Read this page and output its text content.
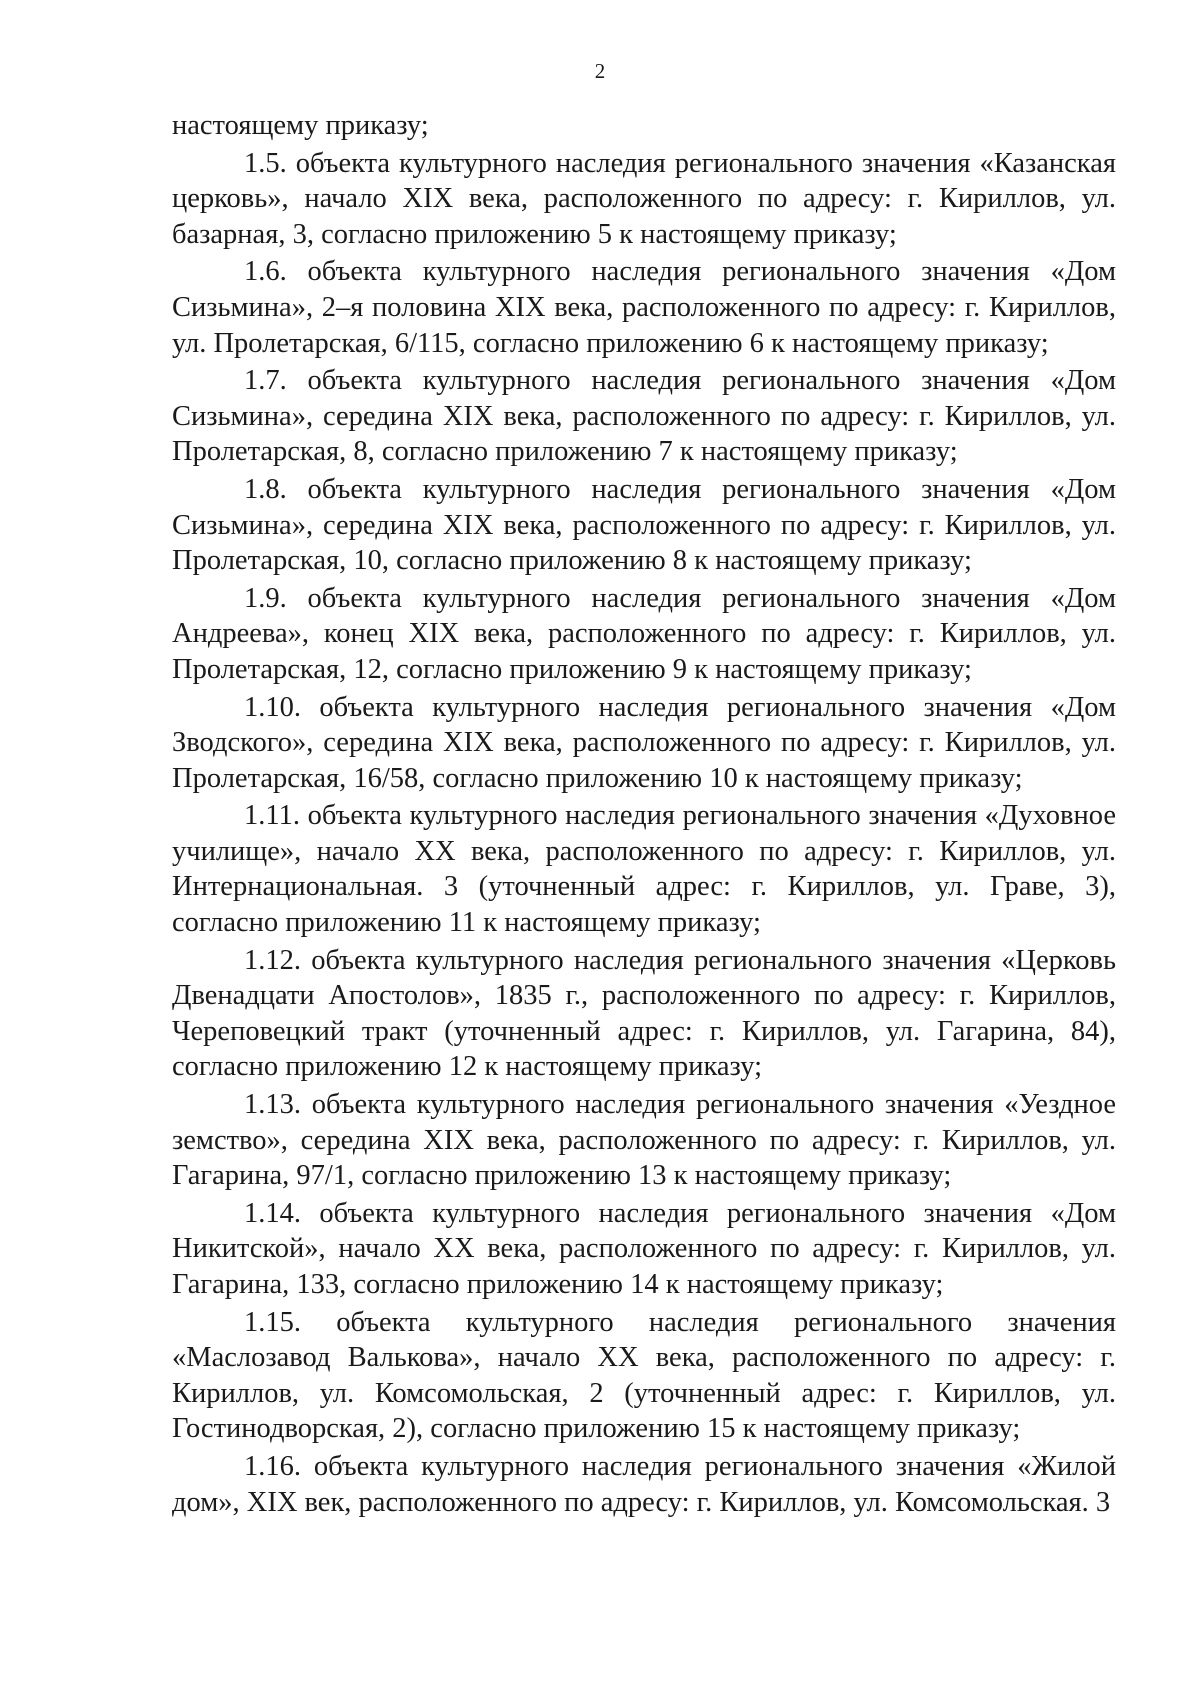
2

настоящему приказу;

1.5. объекта культурного наследия регионального значения «Казанская церковь», начало XIX века, расположенного по адресу: г. Кириллов, ул. базарная, 3, согласно приложению 5 к настоящему приказу;

1.6. объекта культурного наследия регионального значения «Дом Сизьмина», 2–я половина XIX века, расположенного по адресу: г. Кириллов, ул. Пролетарская, 6/115, согласно приложению 6 к настоящему приказу;

1.7. объекта культурного наследия регионального значения «Дом Сизьмина», середина XIX века, расположенного по адресу: г. Кириллов, ул. Пролетарская, 8, согласно приложению 7 к настоящему приказу;

1.8. объекта культурного наследия регионального значения «Дом Сизьмина», середина XIX века, расположенного по адресу: г. Кириллов, ул. Пролетарская, 10, согласно приложению 8 к настоящему приказу;

1.9. объекта культурного наследия регионального значения «Дом Андреева», конец XIX века, расположенного по адресу: г. Кириллов, ул. Пролетарская, 12, согласно приложению 9 к настоящему приказу;

1.10. объекта культурного наследия регионального значения «Дом Зводского», середина XIX века, расположенного по адресу: г. Кириллов, ул. Пролетарская, 16/58, согласно приложению 10 к настоящему приказу;

1.11. объекта культурного наследия регионального значения «Духовное училище», начало XX века, расположенного по адресу: г. Кириллов, ул. Интернациональная. 3 (уточненный адрес: г. Кириллов, ул. Граве, 3), согласно приложению 11 к настоящему приказу;

1.12. объекта культурного наследия регионального значения «Церковь Двенадцати Апостолов», 1835 г., расположенного по адресу: г. Кириллов, Череповецкий тракт (уточненный адрес: г. Кириллов, ул. Гагарина, 84), согласно приложению 12 к настоящему приказу;

1.13. объекта культурного наследия регионального значения «Уездное земство», середина XIX века, расположенного по адресу: г. Кириллов, ул. Гагарина, 97/1, согласно приложению 13 к настоящему приказу;

1.14. объекта культурного наследия регионального значения «Дом Никитской», начало XX века, расположенного по адресу: г. Кириллов, ул. Гагарина, 133, согласно приложению 14 к настоящему приказу;

1.15. объекта культурного наследия регионального значения «Маслозавод Валькова», начало XX века, расположенного по адресу: г. Кириллов, ул. Комсомольская, 2 (уточненный адрес: г. Кириллов, ул. Гостинодворская, 2), согласно приложению 15 к настоящему приказу;

1.16. объекта культурного наследия регионального значения «Жилой дом», XIX век, расположенного по адресу: г. Кириллов, ул. Комсомольская. 3
